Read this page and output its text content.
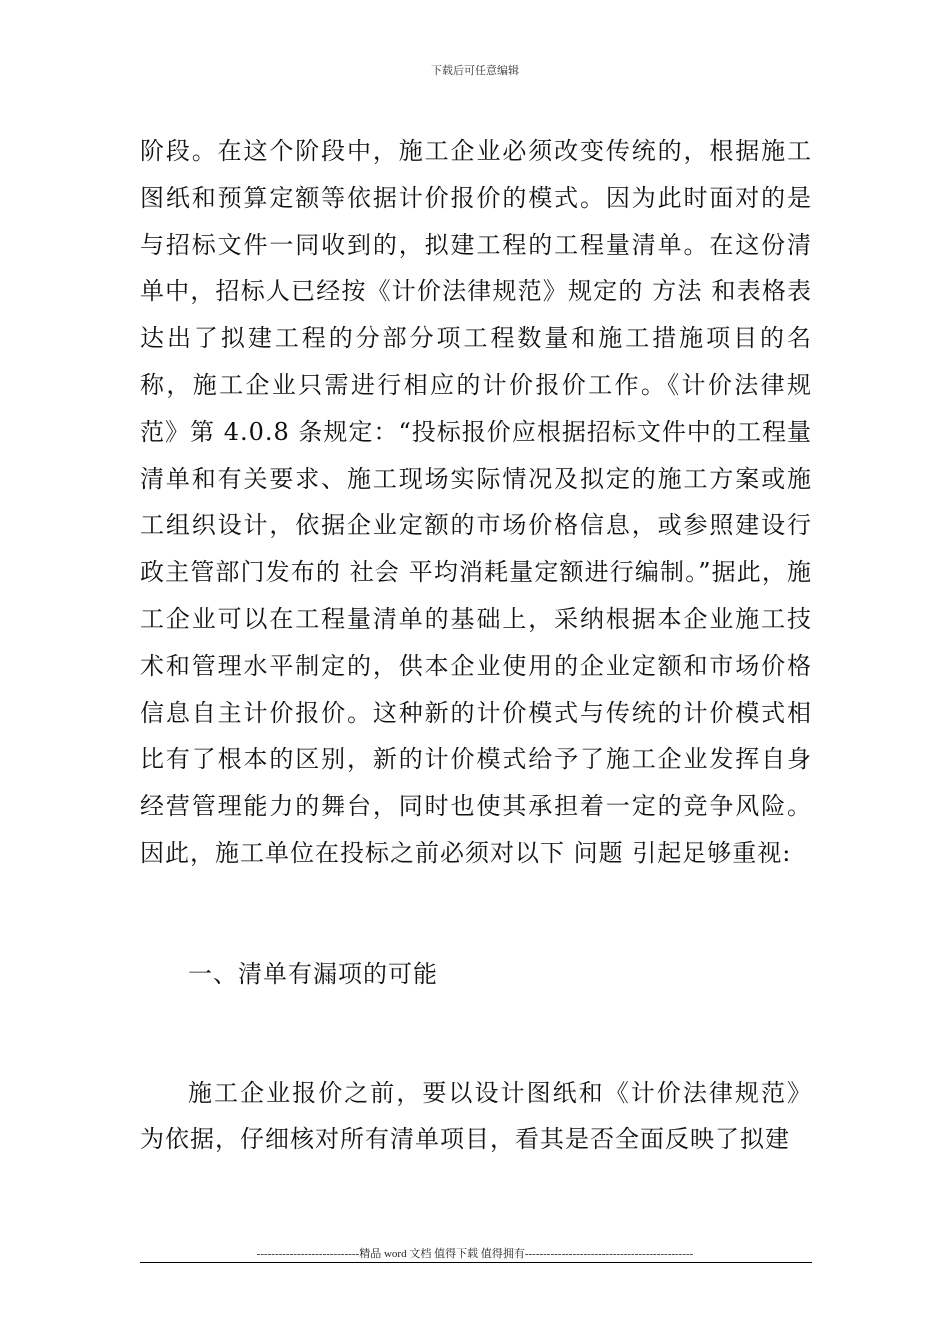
下载后可任意编辑

阶段。在这个阶段中，施工企业必须改变传统的，根据施工图纸和预算定额等依据计价报价的模式。因为此时面对的是与招标文件一同收到的，拟建工程的工程量清单。在这份清单中，招标人已经按《计价法律规范》规定的 方法 和表格表达出了拟建工程的分部分项工程数量和施工措施项目的名称，施工企业只需进行相应的计价报价工作。《计价法律规范》第 4.0.8 条规定：“投标报价应根据招标文件中的工程量清单和有关要求、施工现场实际情况及拟定的施工方案或施工组织设计，依据企业定额的市场价格信息，或参照建设行政主管部门发布的 社会 平均消耗量定额进行编制。”据此，施工企业可以在工程量清单的基础上，采纳根据本企业施工技术和管理水平制定的，供本企业使用的企业定额和市场价格信息自主计价报价。这种新的计价模式与传统的计价模式相比有了根本的区别，新的计价模式给予了施工企业发挥自身经营管理能力的舞台，同时也使其承担着一定的竞争风险。因此，施工单位在投标之前必须对以下 问题 引起足够重视:

一、清单有漏项的可能

施工企业报价之前，要以设计图纸和《计价法律规范》为依据，仔细核对所有清单项目，看其是否全面反映了拟建

----------------------------精品 word 文档 值得下载 值得拥有----------------------------------------------
